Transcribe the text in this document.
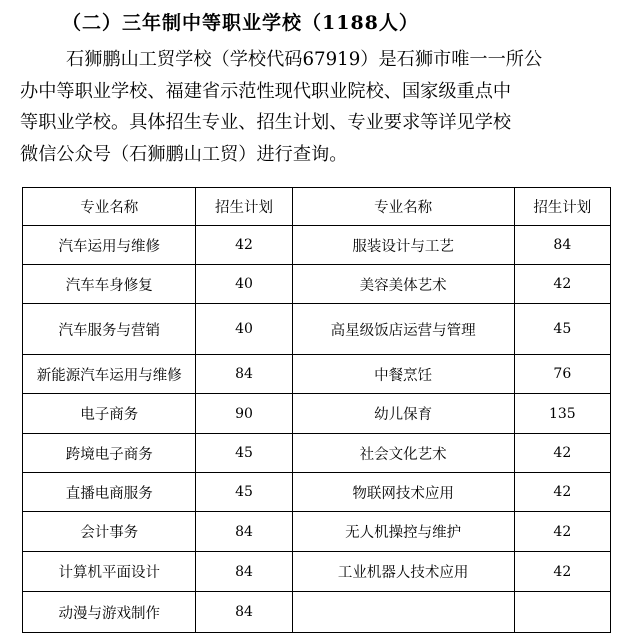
（二）三年制中等职业学校（1188人）
石狮鹏山工贸学校（学校代码67919）是石狮市唯一一所公
办中等职业学校、福建省示范性现代职业院校、国家级重点中
等职业学校。具体招生专业、招生计划、专业要求等详见学校
微信公众号（石狮鹏山工贸）进行查询。
专业名称	招生计划	专业名称	招生计划
汽车运用与维修	42	服装设计与工艺	84
汽车车身修复	40	美容美体艺术	42
汽车服务与营销	40	高星级饭店运营与管理	45
新能源汽车运用与维修	84	中餐烹饪	76
电子商务	90	幼儿保育	135
跨境电子商务	45	社会文化艺术	42
直播电商服务	45	物联网技术应用	42
会计事务	84	无人机操控与维护	42
计算机平面设计	84	工业机器人技术应用	42
动漫与游戏制作	84		
